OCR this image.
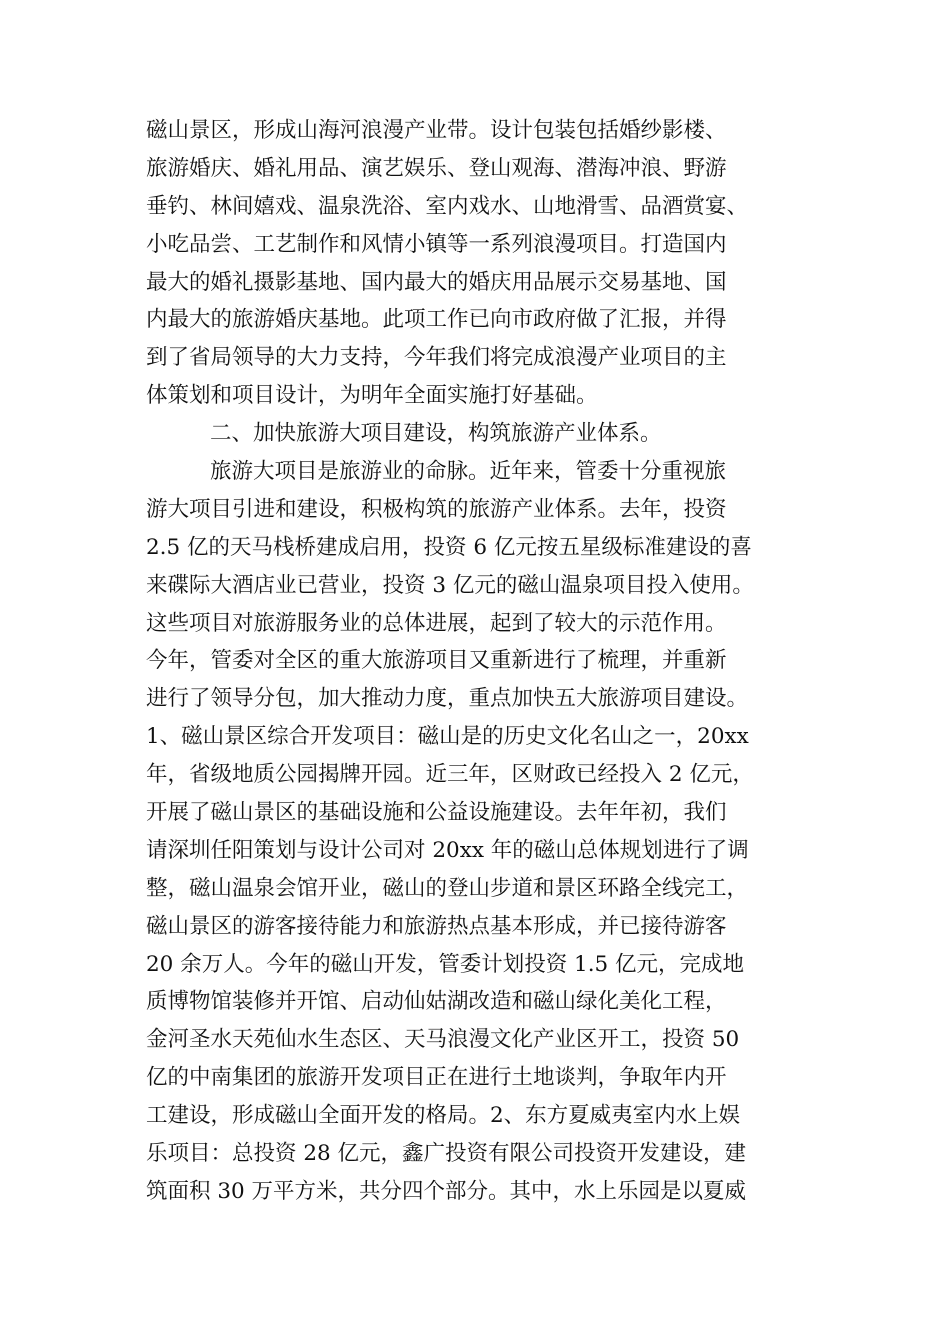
磁山景区，形成山海河浪漫产业带。设计包装包括婚纱影楼、
旅游婚庆、婚礼用品、演艺娱乐、登山观海、潜海冲浪、野游
垂钓、林间嬉戏、温泉洗浴、室内戏水、山地滑雪、品酒赏宴、
小吃品尝、工艺制作和风情小镇等一系列浪漫项目。打造国内
最大的婚礼摄影基地、国内最大的婚庆用品展示交易基地、国
内最大的旅游婚庆基地。此项工作已向市政府做了汇报，并得
到了省局领导的大力支持，今年我们将完成浪漫产业项目的主
体策划和项目设计，为明年全面实施打好基础。
二、加快旅游大项目建设，构筑旅游产业体系。
旅游大项目是旅游业的命脉。近年来，管委十分重视旅
游大项目引进和建设，积极构筑的旅游产业体系。去年，投资
2.5 亿的天马栈桥建成启用，投资 6 亿元按五星级标准建设的喜
来碟际大酒店业已营业，投资 3 亿元的磁山温泉项目投入使用。
这些项目对旅游服务业的总体进展，起到了较大的示范作用。
今年，管委对全区的重大旅游项目又重新进行了梳理，并重新
进行了领导分包，加大推动力度，重点加快五大旅游项目建设。
1、磁山景区综合开发项目：磁山是的历史文化名山之一，20xx
年，省级地质公园揭牌开园。近三年，区财政已经投入 2 亿元，
开展了磁山景区的基础设施和公益设施建设。去年年初，我们
请深圳任阳策划与设计公司对 20xx 年的磁山总体规划进行了调
整，磁山温泉会馆开业，磁山的登山步道和景区环路全线完工，
磁山景区的游客接待能力和旅游热点基本形成，并已接待游客
20 余万人。今年的磁山开发，管委计划投资 1.5 亿元，完成地
质博物馆装修并开馆、启动仙姑湖改造和磁山绿化美化工程，
金河圣水天苑仙水生态区、天马浪漫文化产业区开工，投资 50
亿的中南集团的旅游开发项目正在进行土地谈判，争取年内开
工建设，形成磁山全面开发的格局。2、东方夏威夷室内水上娱
乐项目：总投资 28 亿元，鑫广投资有限公司投资开发建设，建
筑面积 30 万平方米，共分四个部分。其中，水上乐园是以夏威
